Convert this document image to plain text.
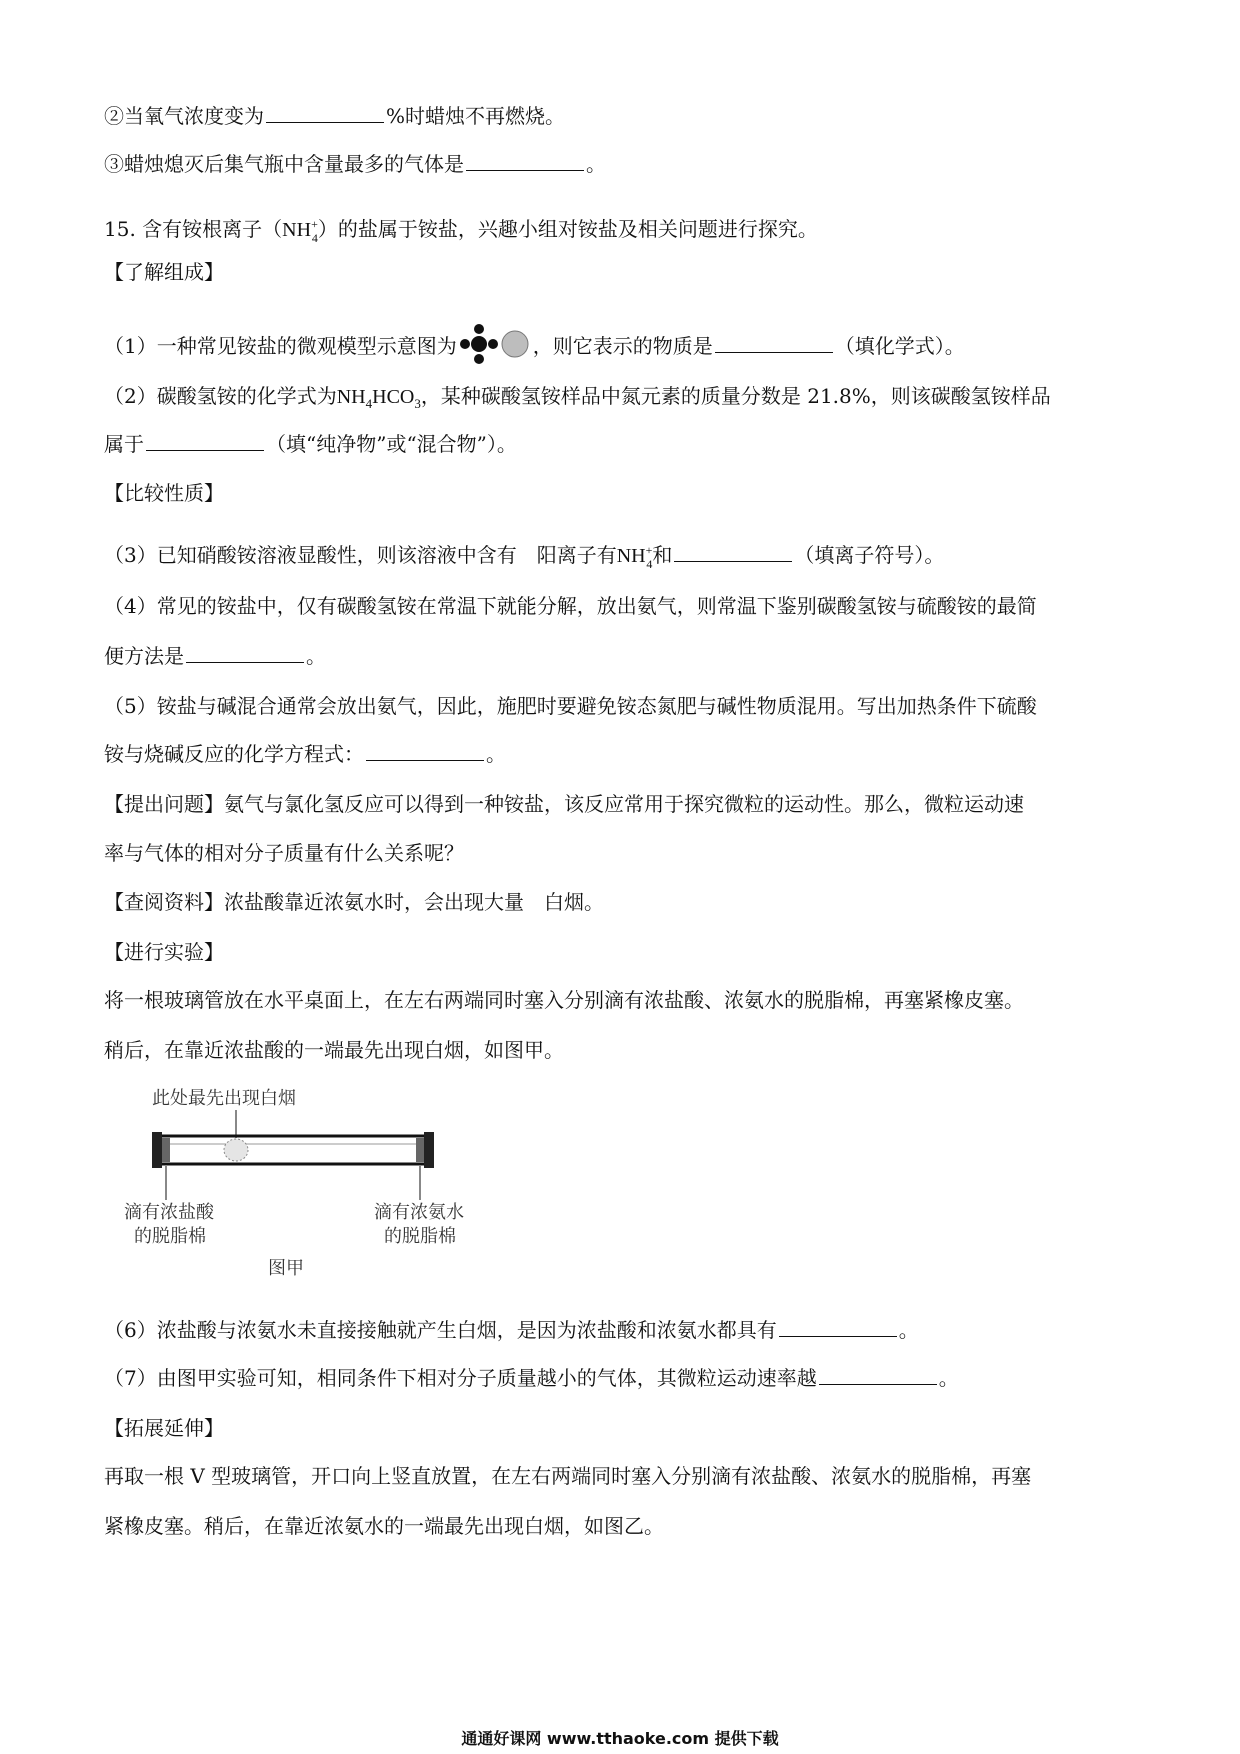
②当氧气浓度变为	%时蜡烛不再燃烧。
③蜡烛熄灭后集气瓶中含量最多的气体是	。
15. 含有铵根离子$(NH^+_4)$的盐属于铵盐，兴趣小组对铵盐及相关问题进行探究。
【了解组成】
（1）一种常见铵盐的微观模型示意图为	，则它表示的物质是	（填化学式）。
（2）碳酸氢铵的化学式为$NH_4HCO_3$，某种碳酸氢铵样品中氮元素的质量分数是 21.8%，则该碳酸氢铵样品
属于	（填“纯净物”或“混合物”）。
【比较性质】
（3）已知硝酸铵溶液显酸性，则该溶液中含有　阳离子有$NH^+_4$和	（填离子符号）。
（4）常见的铵盐中，仅有碳酸氢铵在常温下就能分解，放出氨气，则常温下鉴别碳酸氢铵与硫酸铵的最简
便方法是	。
（5）铵盐与碱混合通常会放出氨气，因此，施肥时要避免铵态氮肥与碱性物质混用。写出加热条件下硫酸
铵与烧碱反应的化学方程式：	。
【提出问题】氨气与氯化氢反应可以得到一种铵盐，该反应常用于探究微粒的运动性。那么，微粒运动速
率与气体的相对分子质量有什么关系呢？
【查阅资料】浓盐酸靠近浓氨水时，会出现大量　白烟。
【进行实验】
将一根玻璃管放在水平桌面上，在左右两端同时塞入分别滴有浓盐酸、浓氨水的脱脂棉，再塞紧橡皮塞。
稍后，在靠近浓盐酸的一端最先出现白烟，如图甲。
此处最先出现白烟
滴有浓盐酸
的脱脂棉
滴有浓氨水
的脱脂棉
图甲
（6）浓盐酸与浓氨水未直接接触就产生白烟，是因为浓盐酸和浓氨水都具有	。
（7）由图甲实验可知，相同条件下相对分子质量越小的气体，其微粒运动速率越	。
【拓展延伸】
再取一根 V 型玻璃管，开口向上竖直放置，在左右两端同时塞入分别滴有浓盐酸、浓氨水的脱脂棉，再塞
紧橡皮塞。稍后，在靠近浓氨水的一端最先出现白烟，如图乙。
通通好课网 www.tthaoke.com 提供下载
